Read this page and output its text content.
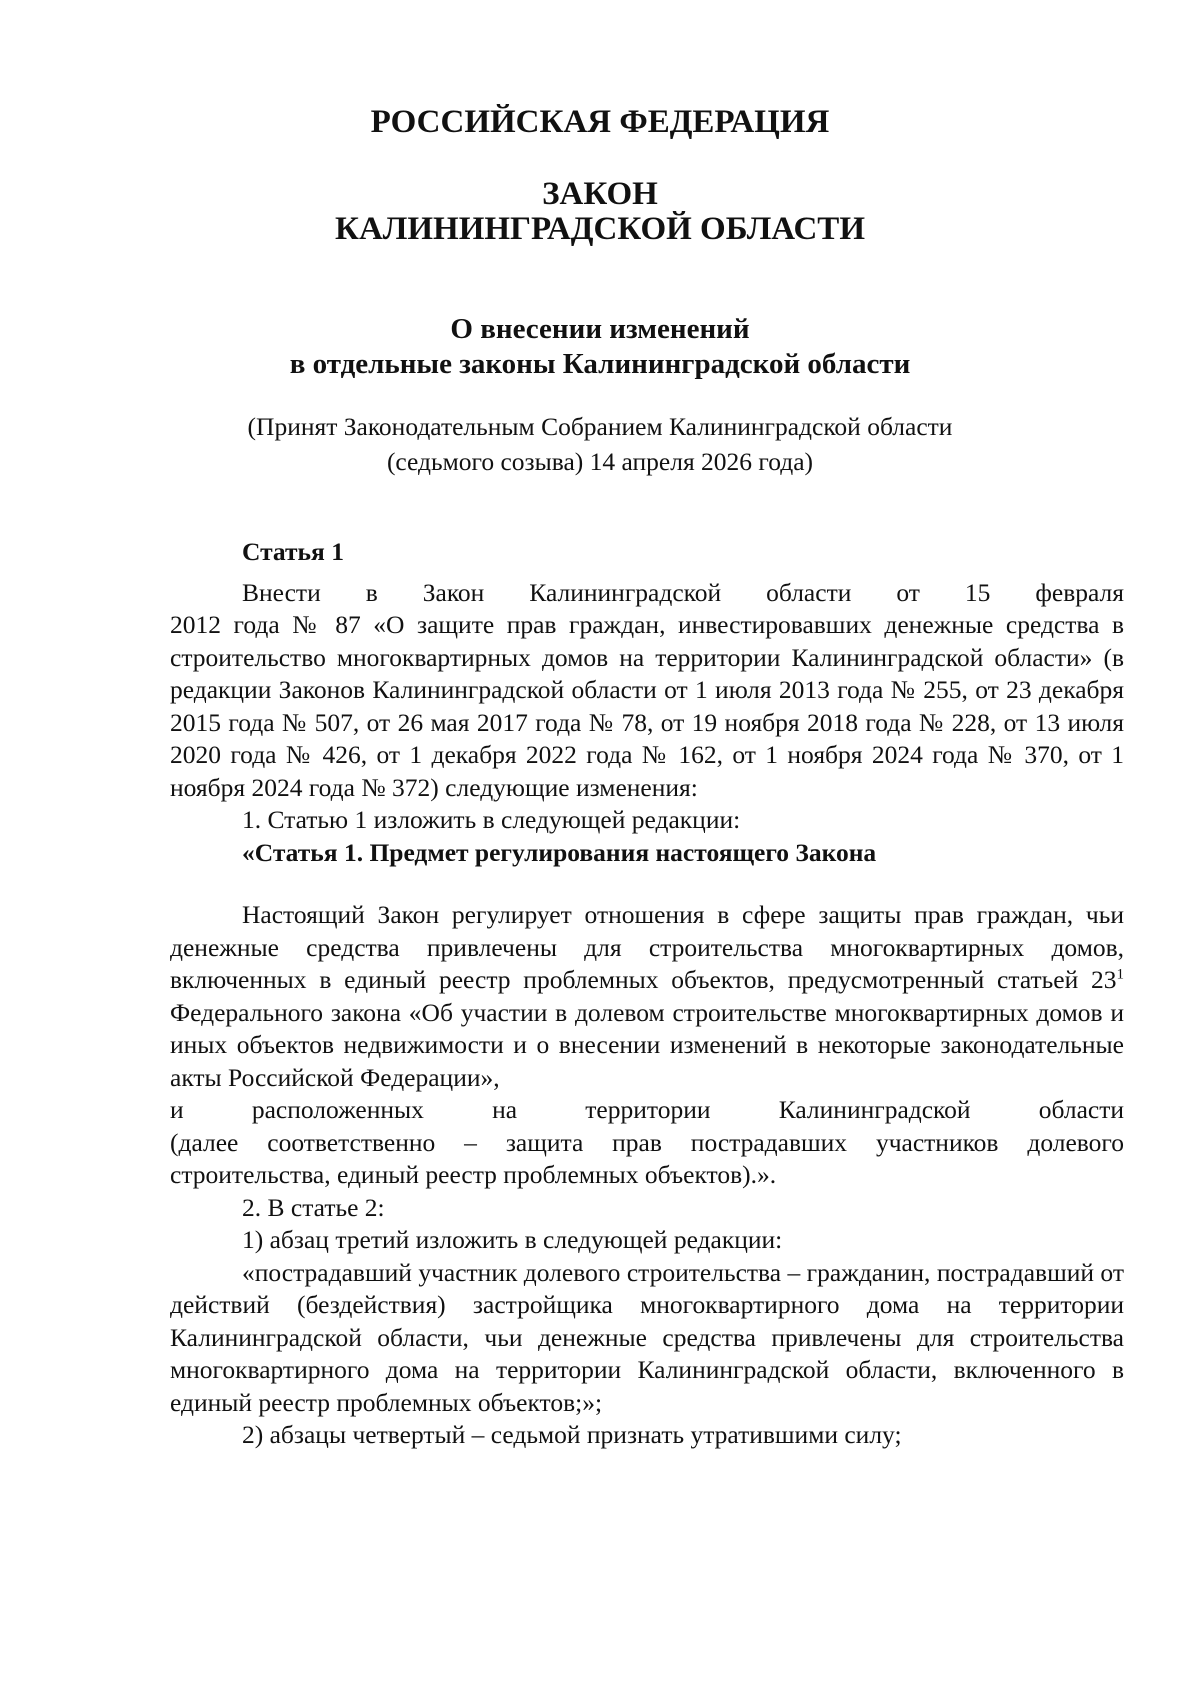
РОССИЙСКАЯ ФЕДЕРАЦИЯ

ЗАКОН

КАЛИНИНГРАДСКОЙ ОБЛАСТИ

О внесении изменений

в отдельные законы Калининградской области

(Принят Законодательным Собранием Калининградской области

(седьмого созыва) 14 апреля 2026 года)

Статья 1

Внести в Закон Калининградской области от 15 февраля

2012 года № 87 «О защите прав граждан, инвестировавших денежные средства в строительство многоквартирных домов на территории Калининградской области» (в редакции Законов Калининградской области от 1 июля 2013 года № 255, от 23 декабря 2015 года № 507, от 26 мая 2017 года № 78, от 19 ноября 2018 года № 228, от 13 июля 2020 года № 426, от 1 декабря 2022 года № 162, от 1 ноября 2024 года № 370, от 1 ноября 2024 года № 372) следующие изменения:

1. Статью 1 изложить в следующей редакции:

«Статья 1. Предмет регулирования настоящего Закона

Настоящий Закон регулирует отношения в сфере защиты прав граждан, чьи денежные средства привлечены для строительства многоквартирных домов, включенных в единый реестр проблемных объектов, предусмотренный статьей $23^1$ Федерального закона «Об участии в долевом строительстве многоквартирных домов и иных объектов недвижимости и о внесении изменений в некоторые законодательные акты Российской Федерации»,

и расположенных на территории Калининградской области

(далее соответственно – защита прав пострадавших участников долевого строительства, единый реестр проблемных объектов).».

2. В статье 2:

1) абзац третий изложить в следующей редакции:

«пострадавший участник долевого строительства – гражданин, пострадавший от действий (бездействия) застройщика многоквартирного дома на территории Калининградской области, чьи денежные средства привлечены для строительства многоквартирного дома на территории Калининградской области, включенного в единый реестр проблемных объектов;»;

2) абзацы четвертый – седьмой признать утратившими силу;
